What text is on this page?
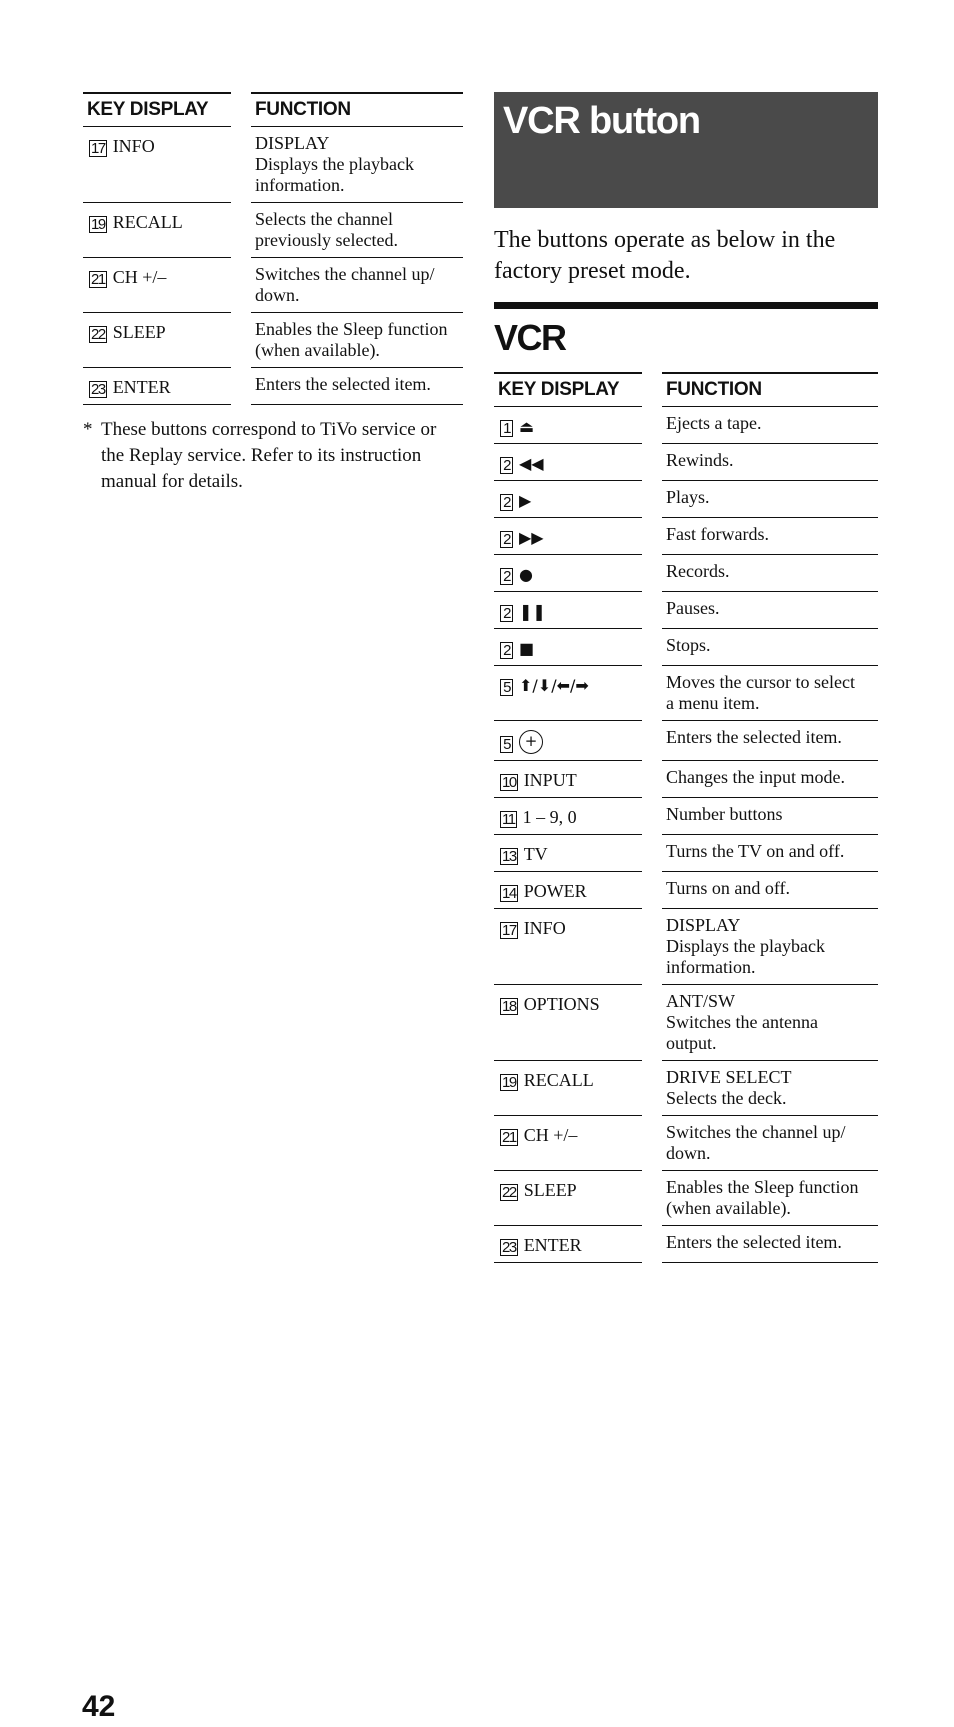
KEY DISPLAY		FUNCTION
17 INFO		DISPLAY
Displays the playback
information.

19 RECALL		Selects the channel
previously selected.

21 CH +/–		Switches the channel up/
down.

22 SLEEP		Enables the Sleep function
(when available).

23 ENTER		Enters the selected item.
* These buttons correspond to TiVo service or the Replay service. Refer to its instruction manual for details.
VCR button

The buttons operate as below in the factory preset mode.

VCR
KEY DISPLAY		FUNCTION
1 ⏏		Ejects a tape.

2 ◀◀		Rewinds.

2 ▶		Plays.

2 ▶▶		Fast forwards.

2 ●		Records.

2 ❚❚		Pauses.

2 ■		Stops.

5 ⬆/⬇/⬅/➡		Moves the cursor to select
a menu item.

5+		Enters the selected item.

10 INPUT		Changes the input mode.

11 1 – 9, 0		Number buttons

13 TV		Turns the TV on and off.

14 POWER		Turns on and off.

17 INFO		DISPLAY
Displays the playback
information.

18 OPTIONS		ANT/SW
Switches the antenna
output.

19 RECALL		DRIVE SELECT
Selects the deck.

21 CH +/–		Switches the channel up/
down.

22 SLEEP		Enables the Sleep function
(when available).

23 ENTER		Enters the selected item.
42
